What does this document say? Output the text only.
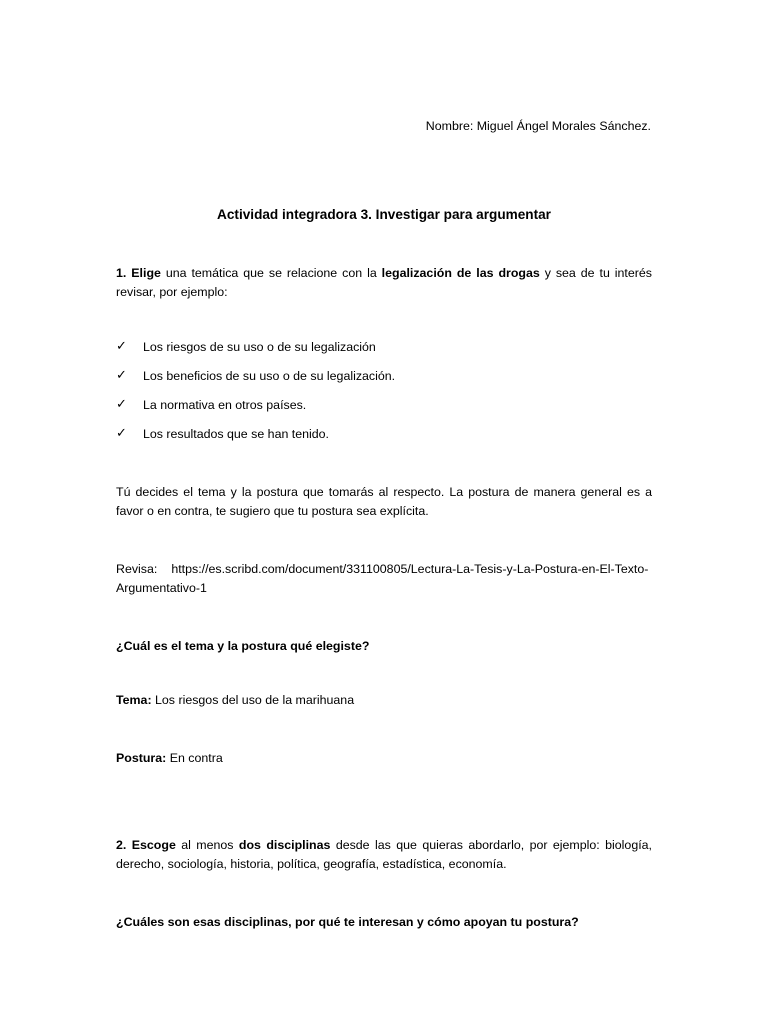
Nombre: Miguel Ángel Morales Sánchez.
Actividad integradora 3. Investigar para argumentar
1. Elige una temática que se relacione con la legalización de las drogas y sea de tu interés revisar, por ejemplo:
✓ Los riesgos de su uso o de su legalización
✓ Los beneficios de su uso o de su legalización.
✓ La normativa en otros países.
✓ Los resultados que se han tenido.
Tú decides el tema y la postura que tomarás al respecto. La postura de manera general es a favor o en contra, te sugiero que tu postura sea explícita.
Revisa: https://es.scribd.com/document/331100805/Lectura-La-Tesis-y-La-Postura-en-El-Texto-Argumentativo-1
¿Cuál es el tema y la postura qué elegiste?
Tema: Los riesgos del uso de la marihuana
Postura: En contra
2. Escoge al menos dos disciplinas desde las que quieras abordarlo, por ejemplo: biología, derecho, sociología, historia, política, geografía, estadística, economía.
¿Cuáles son esas disciplinas, por qué te interesan y cómo apoyan tu postura?
